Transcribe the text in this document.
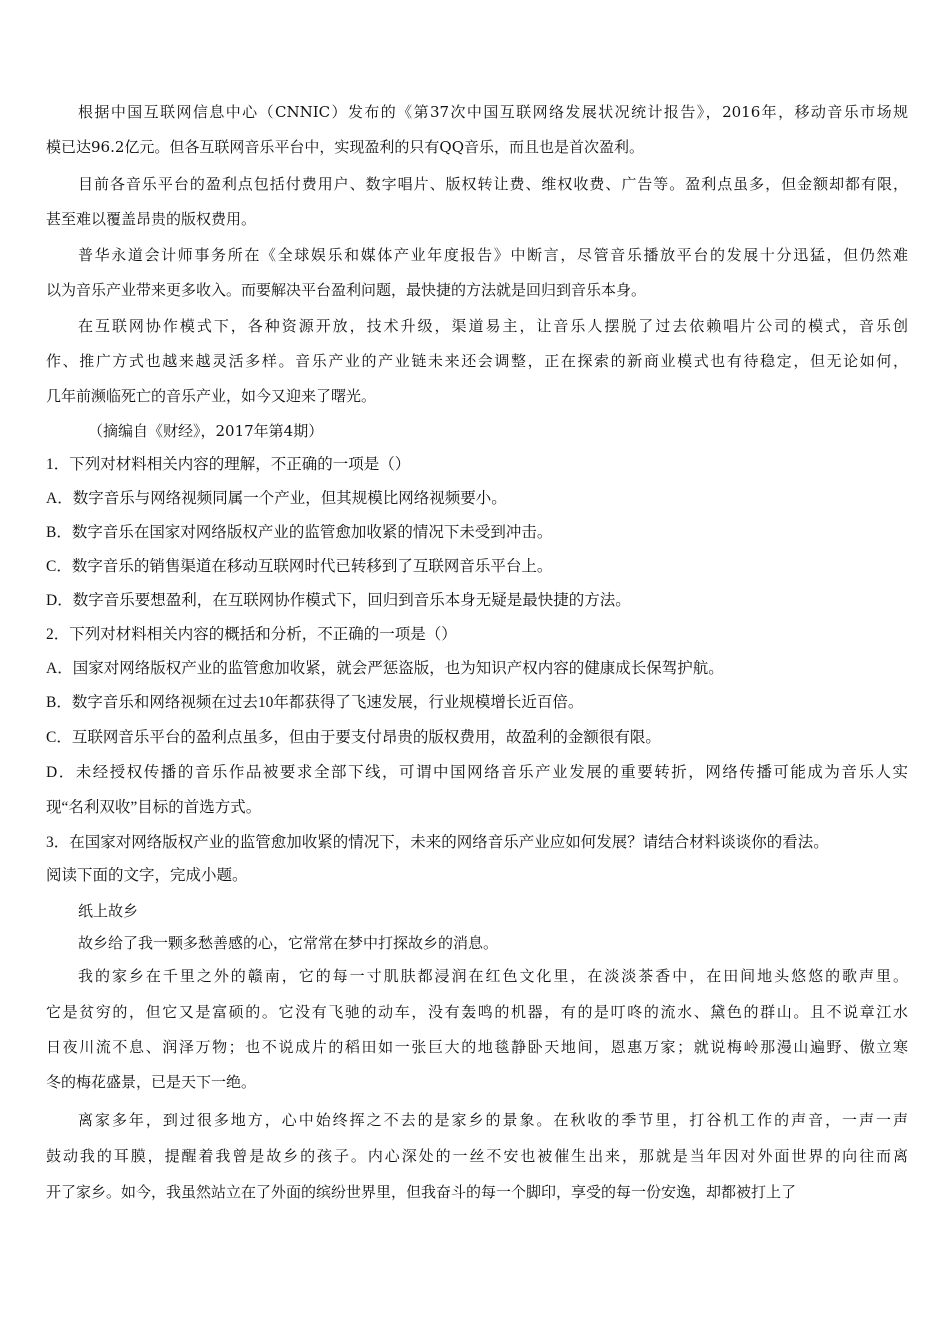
根据中国互联网信息中心（CNNIC）发布的《第37次中国互联网络发展状况统计报告》，2016年，移动音乐市场规
模已达96.2亿元。但各互联网音乐平台中，实现盈利的只有QQ音乐，而且也是首次盈利。
目前各音乐平台的盈利点包括付费用户、数字唱片、版权转让费、维权收费、广告等。盈利点虽多，但金额却都有限，
甚至难以覆盖昂贵的版权费用。
普华永道会计师事务所在《全球娱乐和媒体产业年度报告》中断言，尽管音乐播放平台的发展十分迅猛，但仍然难
以为音乐产业带来更多收入。而要解决平台盈利问题，最快捷的方法就是回归到音乐本身。
在互联网协作模式下，各种资源开放，技术升级，渠道易主，让音乐人摆脱了过去依赖唱片公司的模式，音乐创
作、推广方式也越来越灵活多样。音乐产业的产业链未来还会调整，正在探索的新商业模式也有待稳定，但无论如何，
几年前濒临死亡的音乐产业，如今又迎来了曙光。
（摘编自《财经》，2017年第4期）
1．下列对材料相关内容的理解，不正确的一项是（）
A．数字音乐与网络视频同属一个产业，但其规模比网络视频要小。
B．数字音乐在国家对网络版权产业的监管愈加收紧的情况下未受到冲击。
C．数字音乐的销售渠道在移动互联网时代已转移到了互联网音乐平台上。
D．数字音乐要想盈利，在互联网协作模式下，回归到音乐本身无疑是最快捷的方法。
2．下列对材料相关内容的概括和分析，不正确的一项是（）
A．国家对网络版权产业的监管愈加收紧，就会严惩盗版，也为知识产权内容的健康成长保驾护航。
B．数字音乐和网络视频在过去10年都获得了飞速发展，行业规模增长近百倍。
C．互联网音乐平台的盈利点虽多，但由于要支付昂贵的版权费用，故盈利的金额很有限。
D．未经授权传播的音乐作品被要求全部下线，可谓中国网络音乐产业发展的重要转折，网络传播可能成为音乐人实
现“名利双收”目标的首选方式。
3．在国家对网络版权产业的监管愈加收紧的情况下，未来的网络音乐产业应如何发展？请结合材料谈谈你的看法。
阅读下面的文字，完成小题。
纸上故乡
故乡给了我一颗多愁善感的心，它常常在梦中打探故乡的消息。
我的家乡在千里之外的赣南，它的每一寸肌肤都浸润在红色文化里，在淡淡茶香中，在田间地头悠悠的歌声里。
它是贫穷的，但它又是富硕的。它没有飞驰的动车，没有轰鸣的机器，有的是叮咚的流水、黛色的群山。且不说章江水
日夜川流不息、润泽万物；也不说成片的稻田如一张巨大的地毯静卧天地间，恩惠万家；就说梅岭那漫山遍野、傲立寒
冬的梅花盛景，已是天下一绝。
离家多年，到过很多地方，心中始终挥之不去的是家乡的景象。在秋收的季节里，打谷机工作的声音，一声一声
鼓动我的耳膜，提醒着我曾是故乡的孩子。内心深处的一丝不安也被催生出来，那就是当年因对外面世界的向往而离
开了家乡。如今，我虽然站立在了外面的缤纷世界里，但我奋斗的每一个脚印，享受的每一份安逸，却都被打上了
